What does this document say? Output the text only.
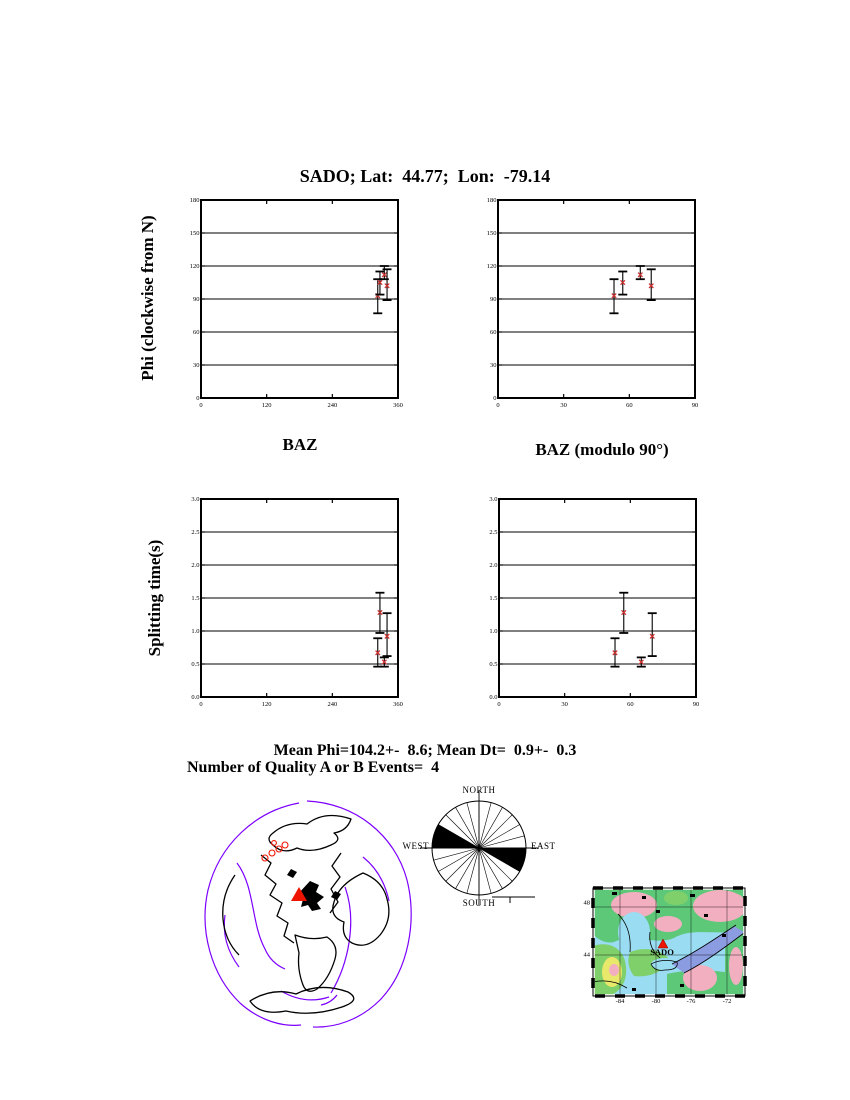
SADO; Lat:  44.77;  Lon:  -79.14
Phi (clockwise from N)
Splitting time(s)
BAZ	BAZ (modulo 90°)
0
30
60
90
120
150
180
0	120	240	360
0
30
60
90
120
150
180
0	30	60	90
0.0
0.5
1.0
1.5
2.0
2.5
3.0
0	120	240	360
0.0
0.5
1.0
1.5
2.0
2.5
3.0
0	30	60	90
Mean Phi=104.2+-  8.6; Mean Dt=  0.9+-  0.3
Number of Quality A or B Events=  4
NORTH
EAST
WEST
SOUTH	48
44
-84	-80	-76	-72
SADO
